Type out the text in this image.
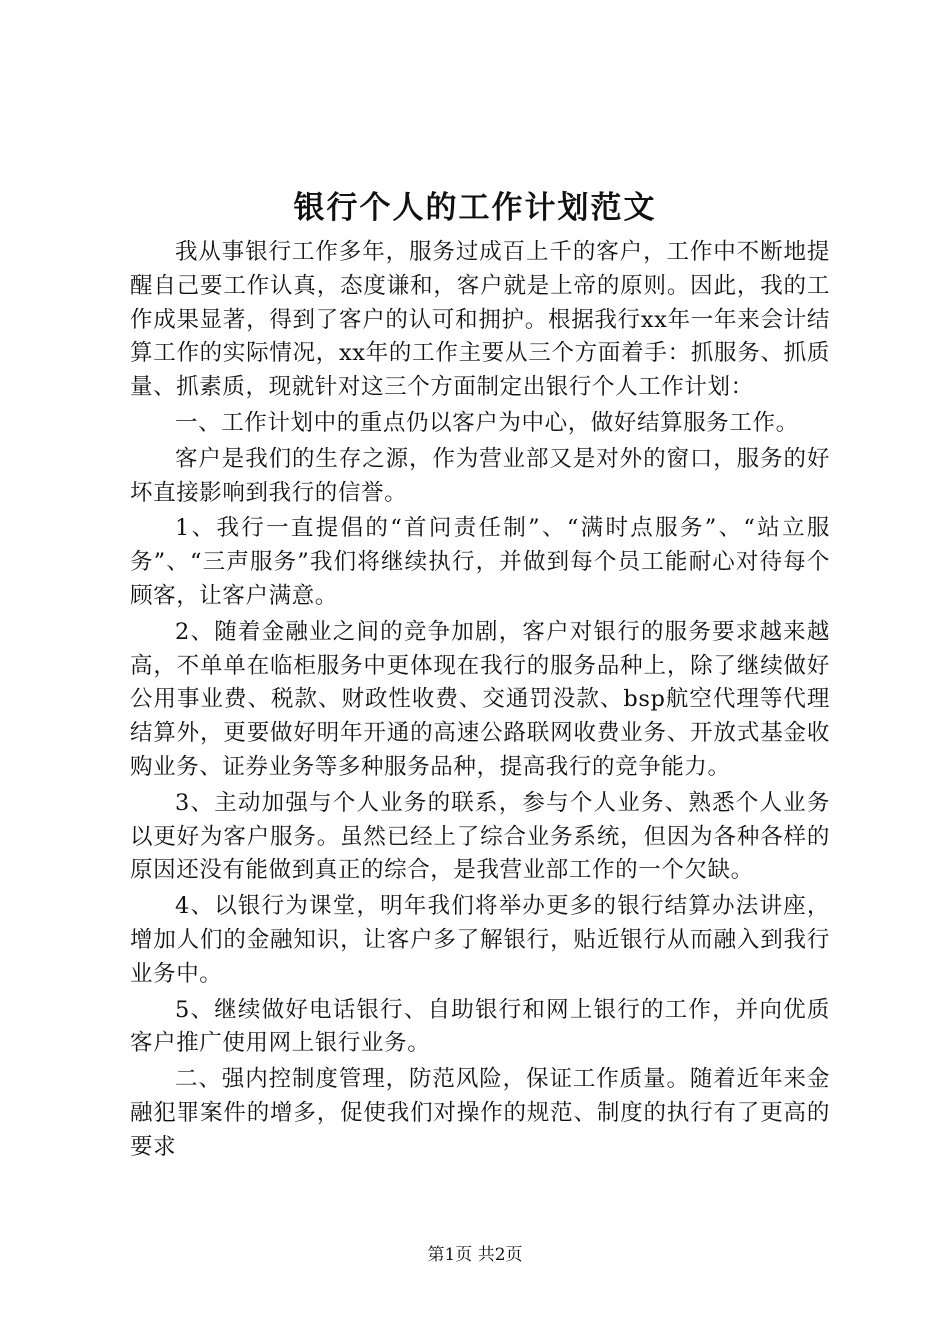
银行个人的工作计划范文

我从事银行工作多年，服务过成百上千的客户，工作中不断地提醒自己要工作认真，态度谦和，客户就是上帝的原则。因此，我的工作成果显著，得到了客户的认可和拥护。根据我行xx年一年来会计结算工作的实际情况，xx年的工作主要从三个方面着手：抓服务、抓质量、抓素质，现就针对这三个方面制定出银行个人工作计划：

一、工作计划中的重点仍以客户为中心，做好结算服务工作。

客户是我们的生存之源，作为营业部又是对外的窗口，服务的好坏直接影响到我行的信誉。

1、我行一直提倡的“首问责任制”、“满时点服务”、“站立服务”、“三声服务”我们将继续执行，并做到每个员工能耐心对待每个顾客，让客户满意。

2、随着金融业之间的竞争加剧，客户对银行的服务要求越来越高，不单单在临柜服务中更体现在我行的服务品种上，除了继续做好公用事业费、税款、财政性收费、交通罚没款、bsp航空代理等代理结算外，更要做好明年开通的高速公路联网收费业务、开放式基金收购业务、证券业务等多种服务品种，提高我行的竞争能力。

3、主动加强与个人业务的联系，参与个人业务、熟悉个人业务以更好为客户服务。虽然已经上了综合业务系统，但因为各种各样的原因还没有能做到真正的综合，是我营业部工作的一个欠缺。

4、以银行为课堂，明年我们将举办更多的银行结算办法讲座，增加人们的金融知识，让客户多了解银行，贴近银行从而融入到我行业务中。

5、继续做好电话银行、自助银行和网上银行的工作，并向优质客户推广使用网上银行业务。

二、强内控制度管理，防范风险，保证工作质量。随着近年来金融犯罪案件的增多，促使我们对操作的规范、制度的执行有了更高的要求

第1页 共2页
